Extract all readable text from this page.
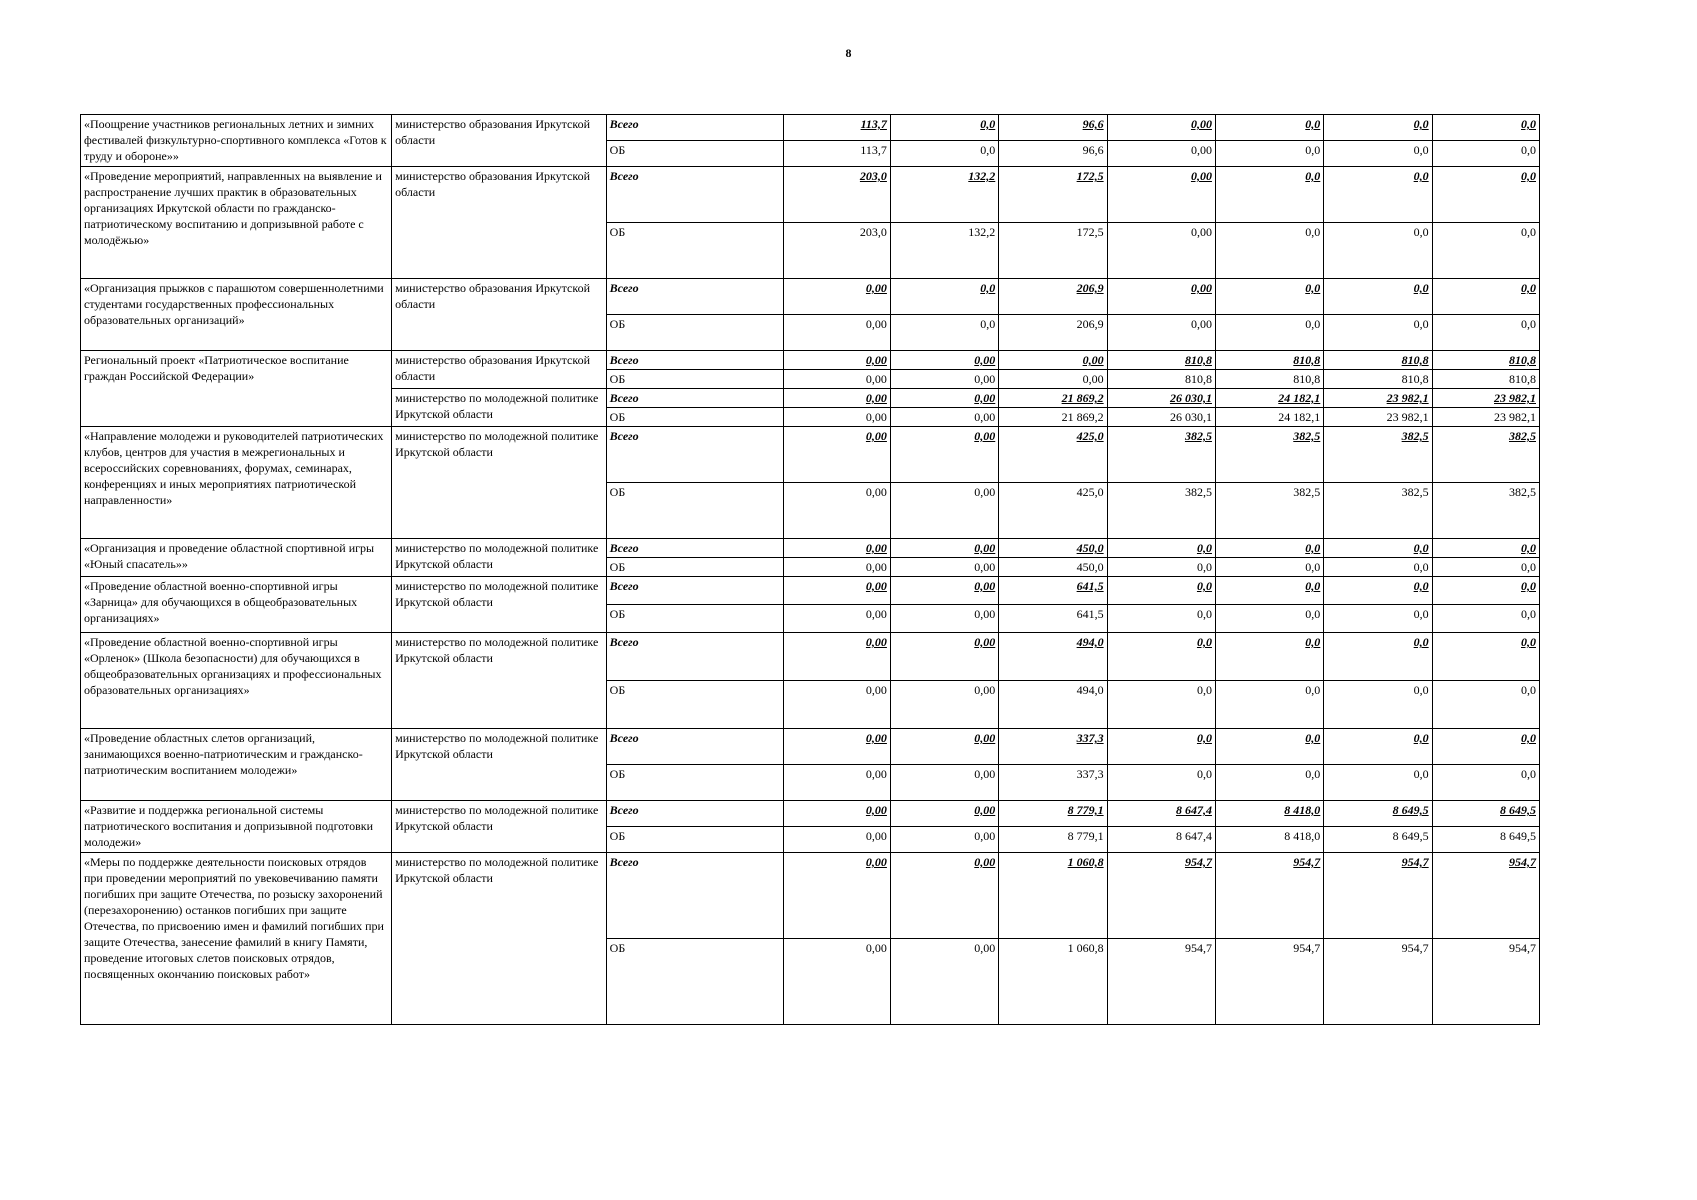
8
«Поощрение участников региональных летних и зимних фестивалей физкультурно-спортивного комплекса «Готов к труду и обороне»»	министерство образования Иркутской области	Всего	113,7	0,0	96,6	0,00	0,0	0,0	0,0
		ОБ	113,7	0,0	96,6	0,00	0,0	0,0	0,0
«Проведение мероприятий, направленных на выявление и распространение лучших практик в образовательных организациях Иркутской области по гражданско-патриотическому воспитанию и допризывной работе с молодёжью»	министерство образования Иркутской области	Всего	203,0	132,2	172,5	0,00	0,0	0,0	0,0
		ОБ	203,0	132,2	172,5	0,00	0,0	0,0	0,0
«Организация прыжков с парашютом совершеннолетними студентами государственных профессиональных образовательных организаций»	министерство образования Иркутской области	Всего	0,00	0,0	206,9	0,00	0,0	0,0	0,0
		ОБ	0,00	0,0	206,9	0,00	0,0	0,0	0,0
Региональный проект «Патриотическое воспитание граждан Российской Федерации»	министерство образования Иркутской области	Всего	0,00	0,00	0,00	810,8	810,8	810,8	810,8
		ОБ	0,00	0,00	0,00	810,8	810,8	810,8	810,8
	министерство по молодежной политике Иркутской области	Всего	0,00	0,00	21 869,2	26 030,1	24 182,1	23 982,1	23 982,1
		ОБ	0,00	0,00	21 869,2	26 030,1	24 182,1	23 982,1	23 982,1
«Направление молодежи и руководителей патриотических клубов, центров для участия в межрегиональных и всероссийских соревнованиях, форумах, семинарах, конференциях и иных мероприятиях патриотической направленности»	министерство по молодежной политике Иркутской области	Всего	0,00	0,00	425,0	382,5	382,5	382,5	382,5
		ОБ	0,00	0,00	425,0	382,5	382,5	382,5	382,5
«Организация и проведение областной спортивной игры «Юный спасатель»»	министерство по молодежной политике Иркутской области	Всего	0,00	0,00	450,0	0,0	0,0	0,0	0,0
		ОБ	0,00	0,00	450,0	0,0	0,0	0,0	0,0
«Проведение областной военно-спортивной игры «Зарница» для обучающихся в общеобразовательных организациях»	министерство по молодежной политике Иркутской области	Всего	0,00	0,00	641,5	0,0	0,0	0,0	0,0
		ОБ	0,00	0,00	641,5	0,0	0,0	0,0	0,0
«Проведение областной военно-спортивной игры «Орленок» (Школа безопасности) для обучающихся в общеобразовательных организациях и профессиональных образовательных организациях»	министерство по молодежной политике Иркутской области	Всего	0,00	0,00	494,0	0,0	0,0	0,0	0,0
		ОБ	0,00	0,00	494,0	0,0	0,0	0,0	0,0
«Проведение областных слетов организаций, занимающихся военно-патриотическим и гражданско-патриотическим воспитанием молодежи»	министерство по молодежной политике Иркутской области	Всего	0,00	0,00	337,3	0,0	0,0	0,0	0,0
		ОБ	0,00	0,00	337,3	0,0	0,0	0,0	0,0
«Развитие и поддержка региональной системы патриотического воспитания и допризывной подготовки молодежи»	министерство по молодежной политике Иркутской области	Всего	0,00	0,00	8 779,1	8 647,4	8 418,0	8 649,5	8 649,5
		ОБ	0,00	0,00	8 779,1	8 647,4	8 418,0	8 649,5	8 649,5
«Меры по поддержке деятельности поисковых отрядов при проведении мероприятий по увековечиванию памяти погибших при защите Отечества, по розыску захоронений (перезахоронению) останков погибших при защите Отечества, по присвоению имен и фамилий погибших при защите Отечества, занесение фамилий в книгу Памяти, проведение итоговых слетов поисковых отрядов, посвященных окончанию поисковых работ»	министерство по молодежной политике Иркутской области	Всего	0,00	0,00	1 060,8	954,7	954,7	954,7	954,7
		ОБ	0,00	0,00	1 060,8	954,7	954,7	954,7	954,7
